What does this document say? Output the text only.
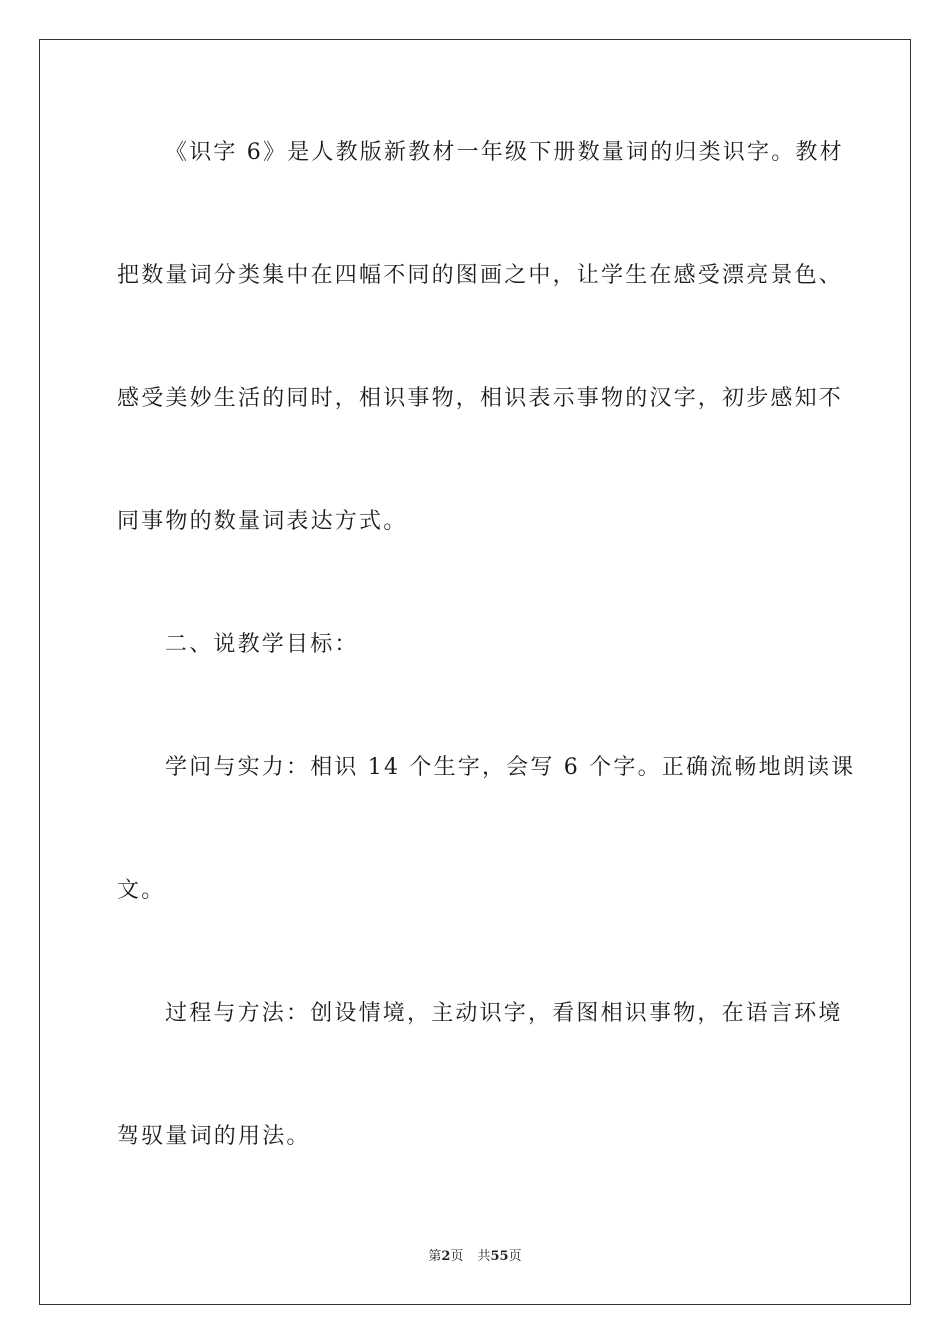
《识字 6》是人教版新教材一年级下册数量词的归类识字。教材
把数量词分类集中在四幅不同的图画之中，让学生在感受漂亮景色、
感受美妙生活的同时，相识事物，相识表示事物的汉字，初步感知不
同事物的数量词表达方式。
二、说教学目标：
学问与实力：相识 14 个生字，会写 6 个字。正确流畅地朗读课
文。
过程与方法：创设情境，主动识字，看图相识事物，在语言环境
驾驭量词的用法。
第2页 共55页
